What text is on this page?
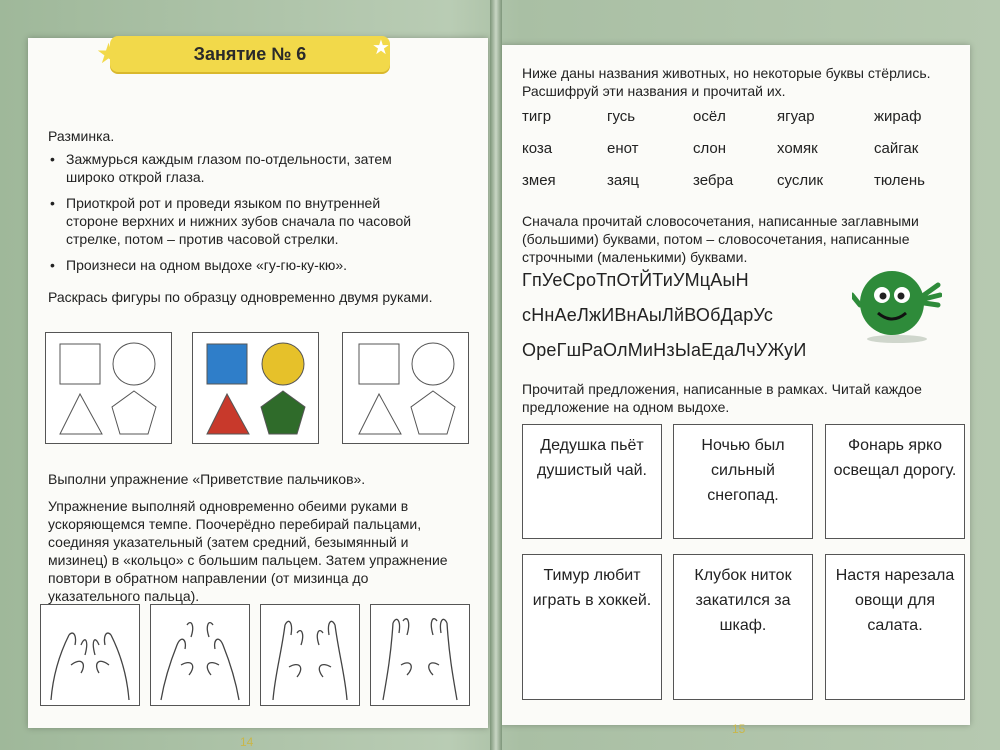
Занятие № 6
★	★
Разминка.
• Зажмурься каждым глазом по-отдельности, затем широко открой глаза.
• Приоткрой рот и проведи языком по внутренней стороне верхних и нижних зубов сначала по часовой стрелке, потом – против часовой стрелки.
• Произнеси на одном выдохе «гу-гю-ку-кю».
Раскрась фигуры по образцу одновременно двумя руками.
Выполни упражнение «Приветствие пальчиков».
Упражнение выполняй одновременно обеими руками в ускоряющемся темпе. Поочерёдно перебирай пальцами, соединяя указательный (затем средний, безымянный и мизинец) в «кольцо» с большим пальцем. Затем упражнение повтори в обратном направлении (от мизинца до указательного пальца).
14
Ниже даны названия животных, но некоторые буквы стёрлись. Расшифруй эти названия и прочитай их.
тигр	гусь	осёл	ягуар	жираф
коза	енот	слон	хомяк	сайгак
змея	заяц	зебра	суслик	тюлень
Сначала прочитай словосочетания, написанные заглавными (большими) буквами, потом – словосочетания, написанные строчными (маленькими) буквами.
ГпУеСроТпОтЙТиУМцАыН
сНнАеЛжИВнАыЛйВОбДарУс
ОреГшРаОлМиНзЫаЕдаЛчУЖуИ
Прочитай предложения, написанные в рамках. Читай каждое предложение на одном выдохе.
Дедушка пьёт душистый чай.
Ночью был сильный снегопад.
Фонарь ярко освещал дорогу.
Тимур любит играть в хоккей.
Клубок ниток закатился за шкаф.
Настя нарезала овощи для салата.
15
